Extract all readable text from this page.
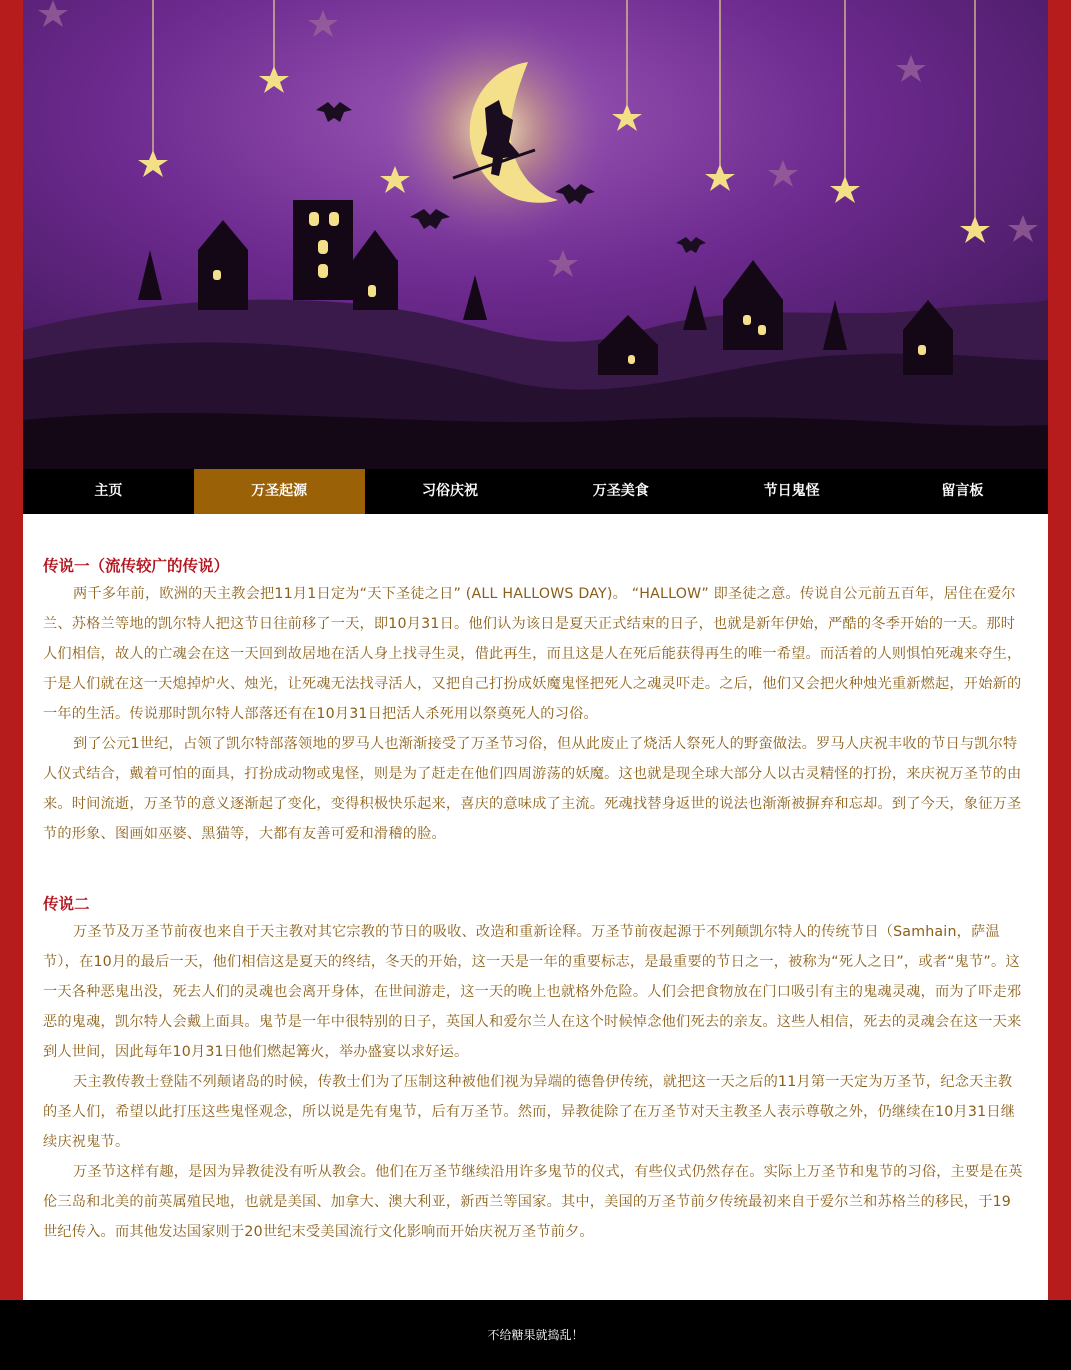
主页	万圣起源	习俗庆祝	万圣美食	节日鬼怪	留言板
传说一（流传较广的传说）

两千多年前，欧洲的天主教会把11月1日定为“天下圣徒之日” (ALL HALLOWS DAY)。 “HALLOW” 即圣徒之意。传说自公元前五百年，居住在爱尔兰、苏格兰等地的凯尔特人把这节日往前移了一天，即10月31日。他们认为该日是夏天正式结束的日子，也就是新年伊始，严酷的冬季开始的一天。那时人们相信，故人的亡魂会在这一天回到故居地在活人身上找寻生灵，借此再生，而且这是人在死后能获得再生的唯一希望。而活着的人则惧怕死魂来夺生，于是人们就在这一天熄掉炉火、烛光，让死魂无法找寻活人，又把自己打扮成妖魔鬼怪把死人之魂灵吓走。之后，他们又会把火种烛光重新燃起，开始新的一年的生活。传说那时凯尔特人部落还有在10月31日把活人杀死用以祭奠死人的习俗。

到了公元1世纪，占领了凯尔特部落领地的罗马人也渐渐接受了万圣节习俗，但从此废止了烧活人祭死人的野蛮做法。罗马人庆祝丰收的节日与凯尔特人仪式结合，戴着可怕的面具，打扮成动物或鬼怪，则是为了赶走在他们四周游荡的妖魔。这也就是现全球大部分人以古灵精怪的打扮，来庆祝万圣节的由来。时间流逝，万圣节的意义逐渐起了变化，变得积极快乐起来，喜庆的意味成了主流。死魂找替身返世的说法也渐渐被摒弃和忘却。到了今天，象征万圣节的形象、图画如巫婆、黑猫等，大都有友善可爱和滑稽的脸。

传说二

万圣节及万圣节前夜也来自于天主教对其它宗教的节日的吸收、改造和重新诠释。万圣节前夜起源于不列颠凯尔特人的传统节日（Samhain，萨温节），在10月的最后一天，他们相信这是夏天的终结，冬天的开始，这一天是一年的重要标志，是最重要的节日之一，被称为“死人之日”，或者“鬼节”。这一天各种恶鬼出没，死去人们的灵魂也会离开身体，在世间游走，这一天的晚上也就格外危险。人们会把食物放在门口吸引有主的鬼魂灵魂，而为了吓走邪恶的鬼魂，凯尔特人会戴上面具。鬼节是一年中很特别的日子，英国人和爱尔兰人在这个时候悼念他们死去的亲友。这些人相信，死去的灵魂会在这一天来到人世间，因此每年10月31日他们燃起篝火，举办盛宴以求好运。

天主教传教士登陆不列颠诸岛的时候，传教士们为了压制这种被他们视为异端的德鲁伊传统，就把这一天之后的11月第一天定为万圣节，纪念天主教的圣人们，希望以此打压这些鬼怪观念，所以说是先有鬼节，后有万圣节。然而，异教徒除了在万圣节对天主教圣人表示尊敬之外，仍继续在10月31日继续庆祝鬼节。

万圣节这样有趣，是因为异教徒没有听从教会。他们在万圣节继续沿用许多鬼节的仪式，有些仪式仍然存在。实际上万圣节和鬼节的习俗，主要是在英伦三岛和北美的前英属殖民地，也就是美国、加拿大、澳大利亚，新西兰等国家。其中，美国的万圣节前夕传统最初来自于爱尔兰和苏格兰的移民，于19世纪传入。而其他发达国家则于20世纪末受美国流行文化影响而开始庆祝万圣节前夕。

不给糖果就捣乱！
